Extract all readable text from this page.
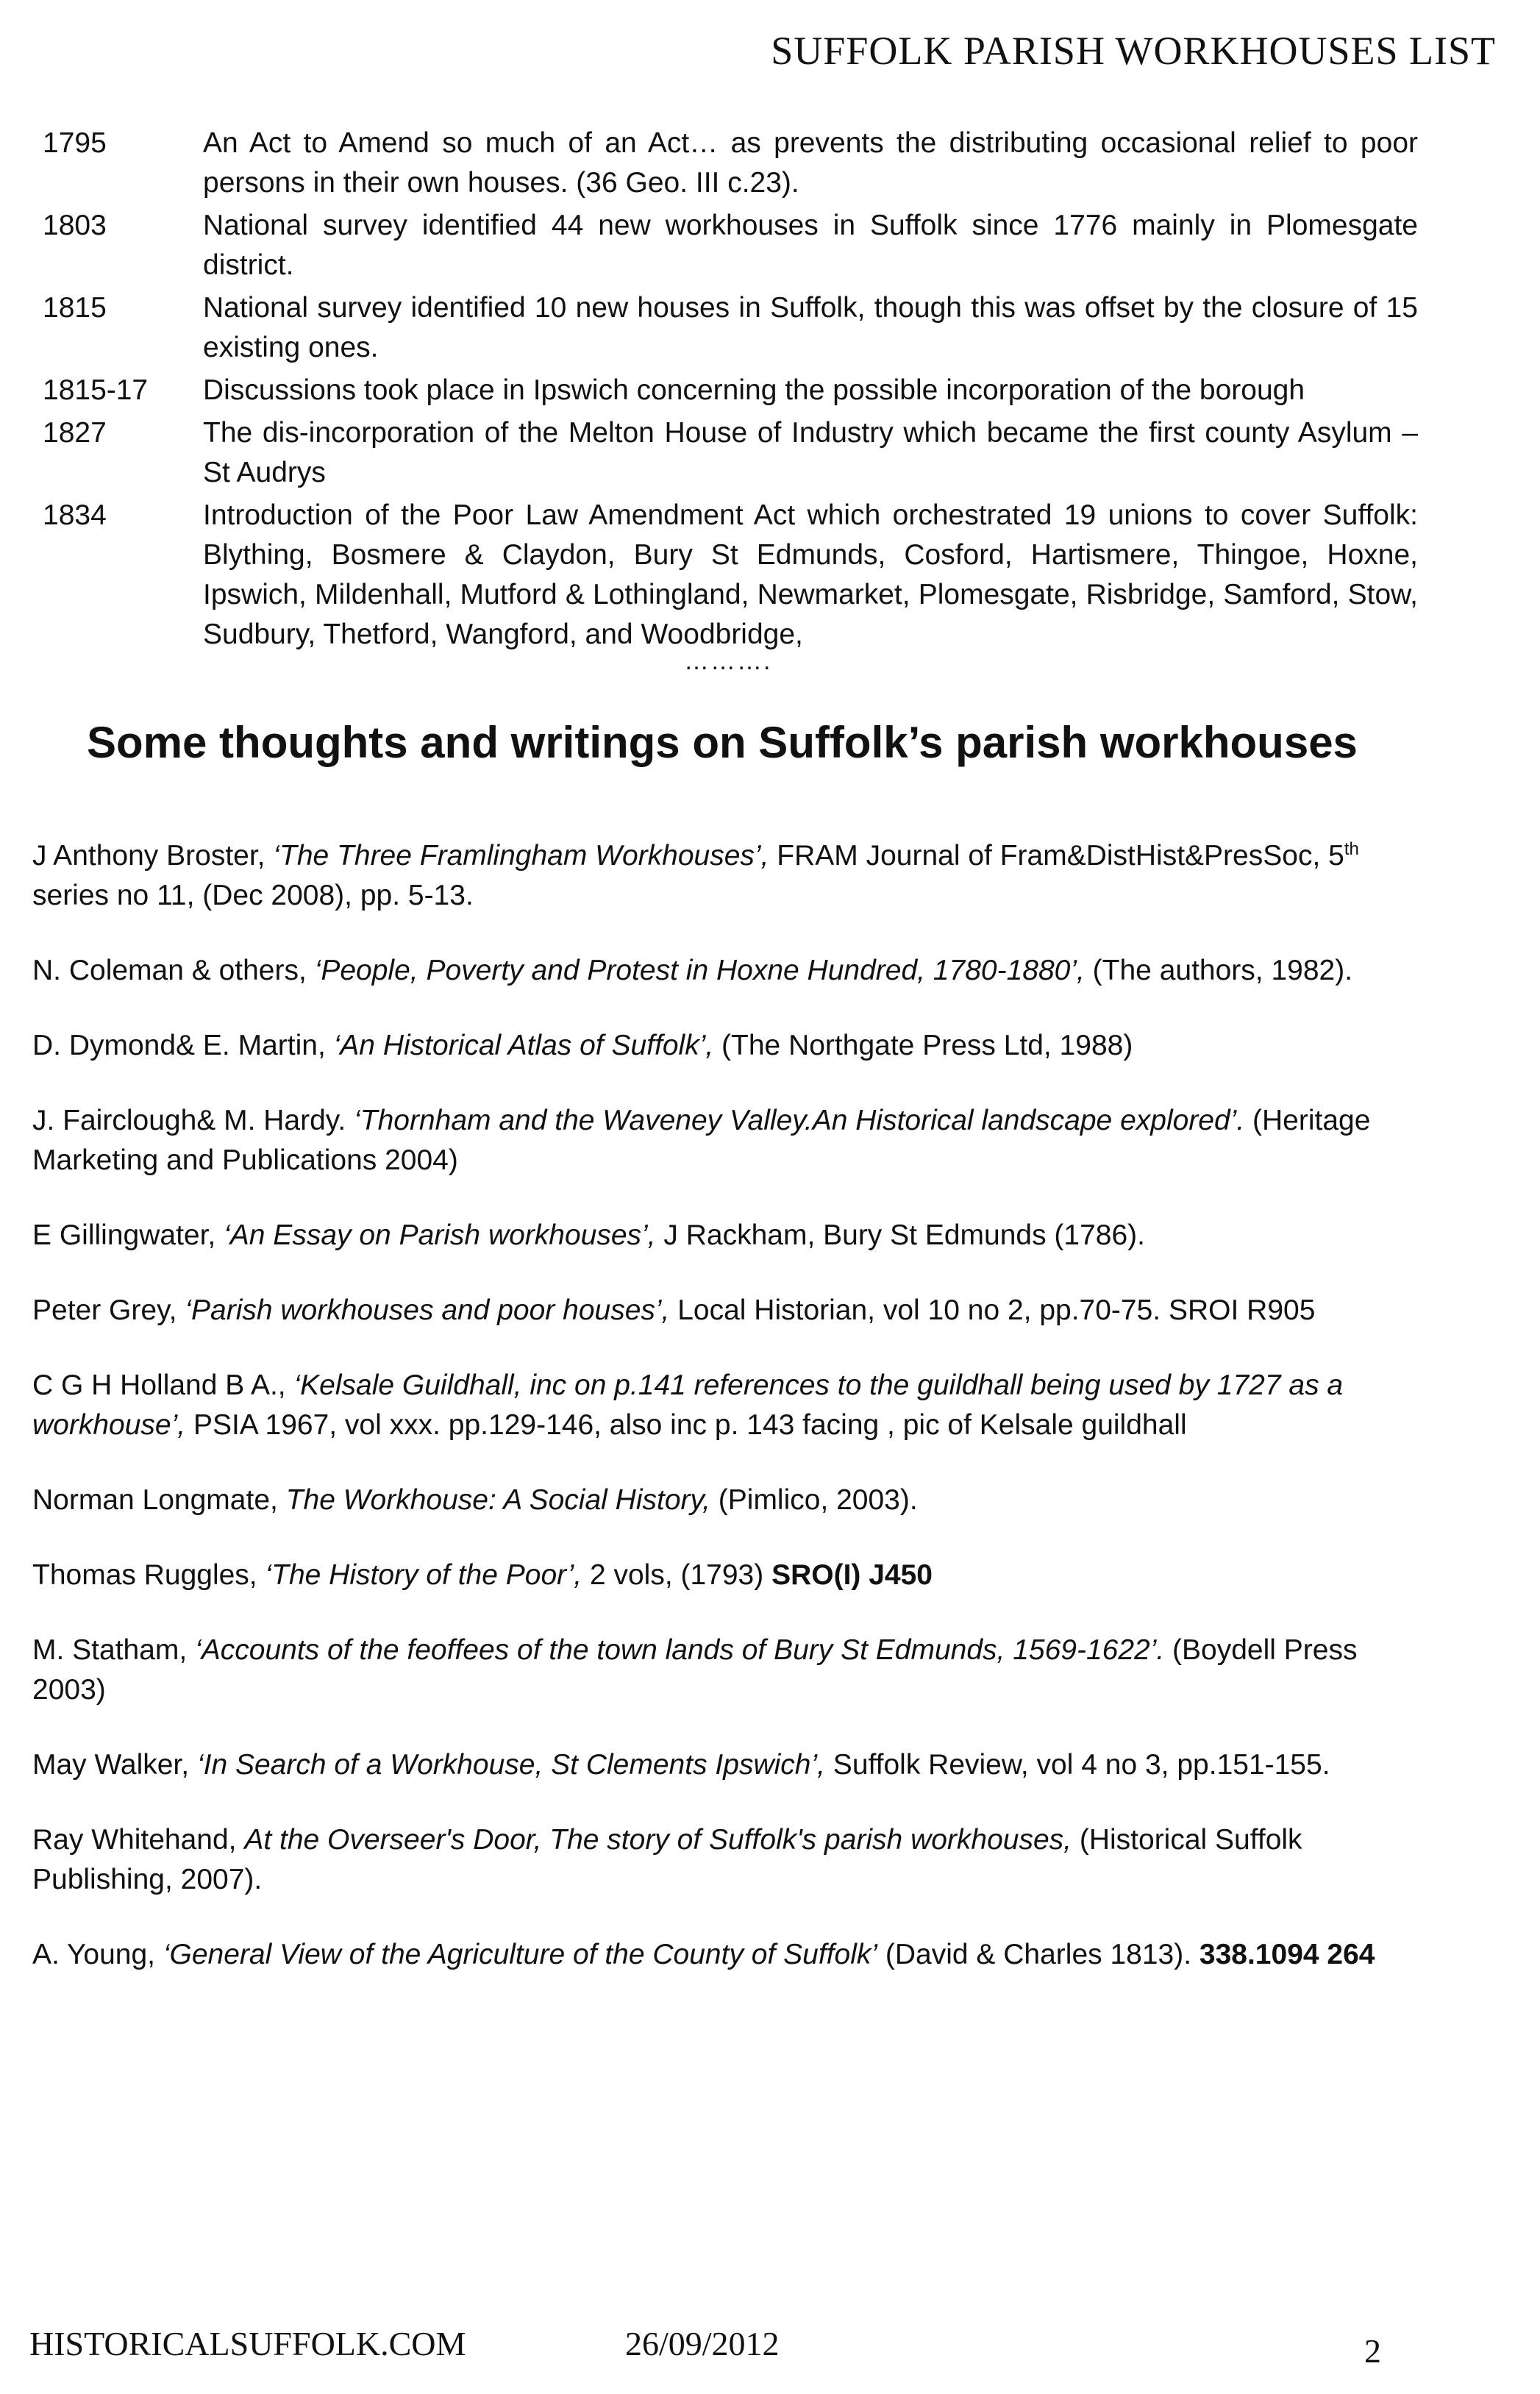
SUFFOLK PARISH WORKHOUSES LIST
1795	An Act to Amend so much of an Act… as prevents the distributing occasional relief to poor persons in their own houses. (36 Geo. III c.23).
1803	National survey identified 44 new workhouses in Suffolk since 1776 mainly in Plomesgate district.
1815	National survey identified 10 new houses in Suffolk, though this was offset by the closure of 15 existing ones.
1815-17	Discussions took place in Ipswich concerning the possible incorporation of the borough
1827	The dis-incorporation of the Melton House of Industry which became the first county Asylum – St Audrys
1834	Introduction of the Poor Law Amendment Act which orchestrated 19 unions to cover Suffolk: Blything, Bosmere & Claydon, Bury St Edmunds, Cosford, Hartismere, Thingoe, Hoxne, Ipswich, Mildenhall, Mutford & Lothingland, Newmarket, Plomesgate, Risbridge, Samford, Stow, Sudbury, Thetford, Wangford, and Woodbridge,
……….
Some thoughts and writings on Suffolk’s parish workhouses
J Anthony Broster, ‘The Three Framlingham Workhouses’, FRAM Journal of Fram&DistHist&PresSoc, 5th series no 11, (Dec 2008), pp. 5-13.
N. Coleman & others, ‘People, Poverty and Protest in Hoxne Hundred, 1780-1880’, (The authors, 1982).
D. Dymond& E. Martin, ‘An Historical Atlas of Suffolk’, (The Northgate Press Ltd, 1988)
J. Fairclough& M. Hardy. ‘Thornham and the Waveney Valley.An Historical landscape explored’. (Heritage Marketing and Publications 2004)
E Gillingwater, ‘An Essay on Parish workhouses’, J Rackham, Bury St Edmunds (1786).
Peter Grey, ‘Parish workhouses and poor houses’, Local Historian, vol 10 no 2, pp.70-75. SROI R905
C G H Holland B A., ‘Kelsale Guildhall, inc on p.141 references to the guildhall being used by 1727 as a workhouse’, PSIA 1967, vol xxx. pp.129-146, also inc p. 143 facing , pic of Kelsale guildhall
Norman Longmate, The Workhouse: A Social History, (Pimlico, 2003).
Thomas Ruggles, ‘The History of the Poor’, 2 vols, (1793) SRO(I) J450
M. Statham, ‘Accounts of the feoffees of the town lands of Bury St Edmunds, 1569-1622’. (Boydell Press 2003)
May Walker, ‘In Search of a Workhouse, St Clements Ipswich’, Suffolk Review, vol 4 no 3, pp.151-155.
Ray Whitehand, At the Overseer's Door, The story of Suffolk's parish workhouses, (Historical Suffolk Publishing, 2007).
A. Young, ‘General View of the Agriculture of the County of Suffolk’ (David & Charles 1813). 338.1094 264
HISTORICALSUFFOLK.COM	26/09/2012	2
